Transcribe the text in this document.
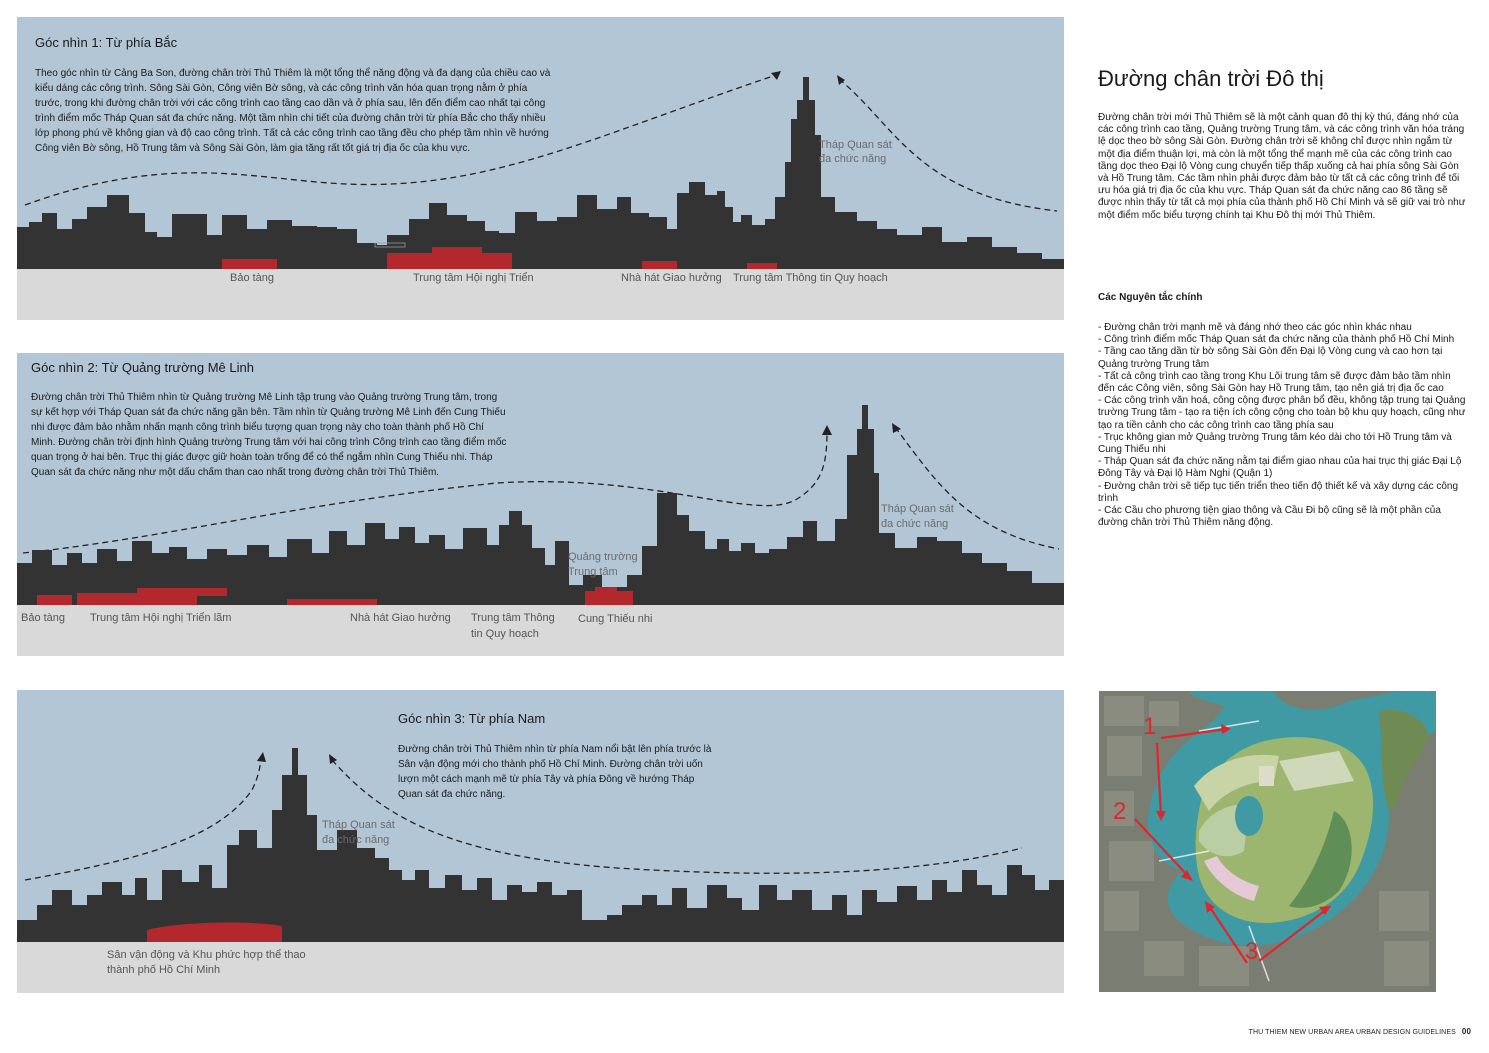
Góc nhìn 1: Từ phía Bắc
Theo góc nhìn từ Cảng Ba Son, đường chân trời Thủ Thiêm là một tổng thể năng động và đa dạng của chiều cao và kiểu dáng các công trình. Sông Sài Gòn, Công viên Bờ sông, và các công trình văn hóa quan trọng nằm ở phía trước, trong khi đường chân trời với các công trình cao tầng cao dần và ở phía sau, lên đến điểm cao nhất tại công trình điểm mốc Tháp Quan sát đa chức năng. Một tầm nhìn chi tiết của đường chân trời từ phía Bắc cho thấy nhiều lớp phong phú về không gian và độ cao công trình. Tất cả các công trình cao tầng đều cho phép tầm nhìn về hướng Công viên Bờ sông, Hồ Trung tâm và Sông Sài Gòn, làm gia tăng rất tốt giá trị địa ốc của khu vực.	Tháp Quan sát
đa chức năng
Bảo tàng	Trung tâm Hội nghị Triển	Nhà hát Giao hưởng Trung tâm Thông tin Quy hoạch
Góc nhìn 2: Từ Quảng trường Mê Linh
Đường chân trời Thủ Thiêm nhìn từ Quảng trường Mê Linh tập trung vào Quảng trường Trung tâm, trong sự kết hợp với Tháp Quan sát đa chức năng gần bên. Tầm nhìn từ Quảng trường Mê Linh đến Cung Thiếu nhi được đảm bảo nhằm nhấn mạnh công trình biểu tượng quan trọng này cho toàn thành phố Hồ Chí Minh. Đường chân trời định hình Quảng trường Trung tâm với hai công trình Công trình cao tầng điểm mốc quan trọng ở hai bên. Trục thị giác được giữ hoàn toàn trống để có thể ngắm nhìn Cung Thiếu nhi. Tháp Quan sát đa chức năng như một dấu chấm than cao nhất trong đường chân trời Thủ Thiêm.
Quảng trường
Trung tâm
Tháp Quan sát
đa chức năng
Bảo tàng Trung tâm Hội nghị Triển lãm	Nhà hát Giao hưởng Trung tâm Thông
tin Quy hoạch
Cung Thiếu nhi
Góc nhìn 3: Từ phía Nam
Đường chân trời Thủ Thiêm nhìn từ phía Nam nổi bật lên phía trước là Sân vận động mới cho thành phố Hồ Chí Minh. Đường chân trời uốn lượn một cách mạnh mẽ từ phía Tây và phía Đông về hướng Tháp Quan sát đa chức năng.
Tháp Quan sát
đa chức năng
Sân vận động và Khu phức hợp thể thao
thành phố Hồ Chí Minh
Đường chân trời Đô thị
Đường chân trời mới Thủ Thiêm sẽ là một cảnh quan đô thị kỳ thú, đáng nhớ của các công trình cao tầng, Quảng trường Trung tâm, và các công trình văn hóa tráng lệ dọc theo bờ sông Sài Gòn. Đường chân trời sẽ không chỉ được nhìn ngắm từ một địa điểm thuận lợi, mà còn là một tổng thể mạnh mẽ của các công trình cao tầng dọc theo Đại lộ Vòng cung chuyển tiếp thấp xuống cả hai phía sông Sài Gòn và Hồ Trung tâm. Các tầm nhìn phải được đảm bảo từ tất cả các công trình để tối ưu hóa giá trị địa ốc của khu vực. Tháp Quan sát đa chức năng cao 86 tầng sẽ được nhìn thấy từ tất cả mọi phía của thành phố Hồ Chí Minh và sẽ giữ vai trò như một điểm mốc biểu tượng chính tại Khu Đô thị mới Thủ Thiêm.
Các Nguyên tắc chính
- Đường chân trời mạnh mẽ và đáng nhớ theo các góc nhìn khác nhau
- Công trình điểm mốc Tháp Quan sát đa chức năng của thành phố Hồ Chí Minh
- Tầng cao tăng dần từ bờ sông Sài Gòn đến Đại lộ Vòng cung và cao hơn tại Quảng trường Trung tâm
- Tất cả công trình cao tầng trong Khu Lõi trung tâm sẽ được đảm bảo tầm nhìn đến các Công viên, sông Sài Gòn hay Hồ Trung tâm, tạo nên giá trị địa ốc cao
- Các công trình văn hoá, công cộng được phân bổ đều, không tập trung tại Quảng trường Trung tâm - tạo ra tiện ích công cộng cho toàn bộ khu quy hoạch, cũng như tạo ra tiền cảnh cho các công trình cao tầng phía sau
- Trục không gian mở Quảng trường Trung tâm kéo dài cho tới Hồ Trung tâm và Cung Thiếu nhi
- Tháp Quan sát đa chức năng nằm tại điểm giao nhau của hai trục thị giác Đại Lộ Đông Tây và Đại lộ Hàm Nghi (Quận 1)
- Đường chân trời sẽ tiếp tục tiến triển theo tiến độ thiết kế và xây dựng các công trình
- Các Cầu cho phương tiện giao thông và Cầu Đi bộ cũng sẽ là một phần của đường chân trời Thủ Thiêm năng động.
1
2
3
THU THIEM NEW URBAN AREA URBAN DESIGN GUIDELINES 00
